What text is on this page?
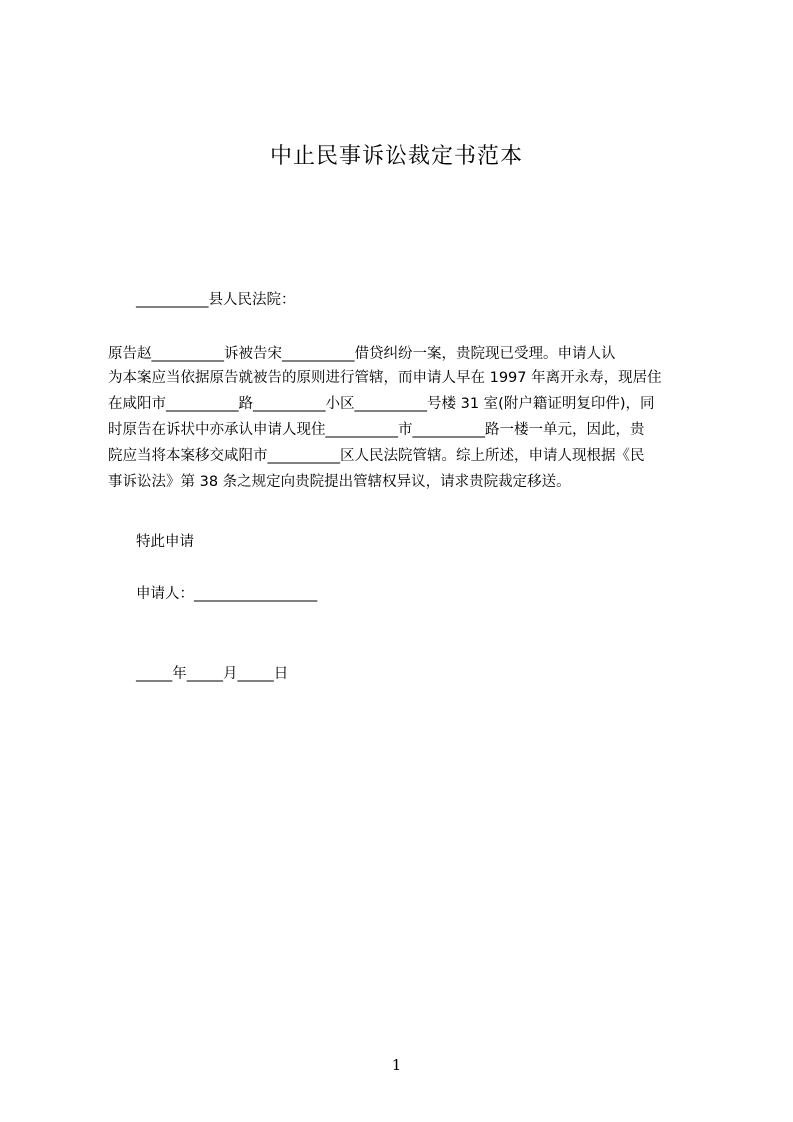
中止民事诉讼裁定书范本
__________县人民法院：
原告赵__________诉被告宋__________借贷纠纷一案，贵院现已受理。申请人认
为本案应当依据原告就被告的原则进行管辖，而申请人早在 1997 年离开永寿，现居住
在咸阳市__________路__________小区__________号楼 31 室(附户籍证明复印件)，同
时原告在诉状中亦承认申请人现住__________市__________路一楼一单元，因此，贵
院应当将本案移交咸阳市__________区人民法院管辖。综上所述，申请人现根据《民
事诉讼法》第 38 条之规定向贵院提出管辖权异议，请求贵院裁定移送。
特此申请
申请人：_________________
_____年_____月_____日
1
